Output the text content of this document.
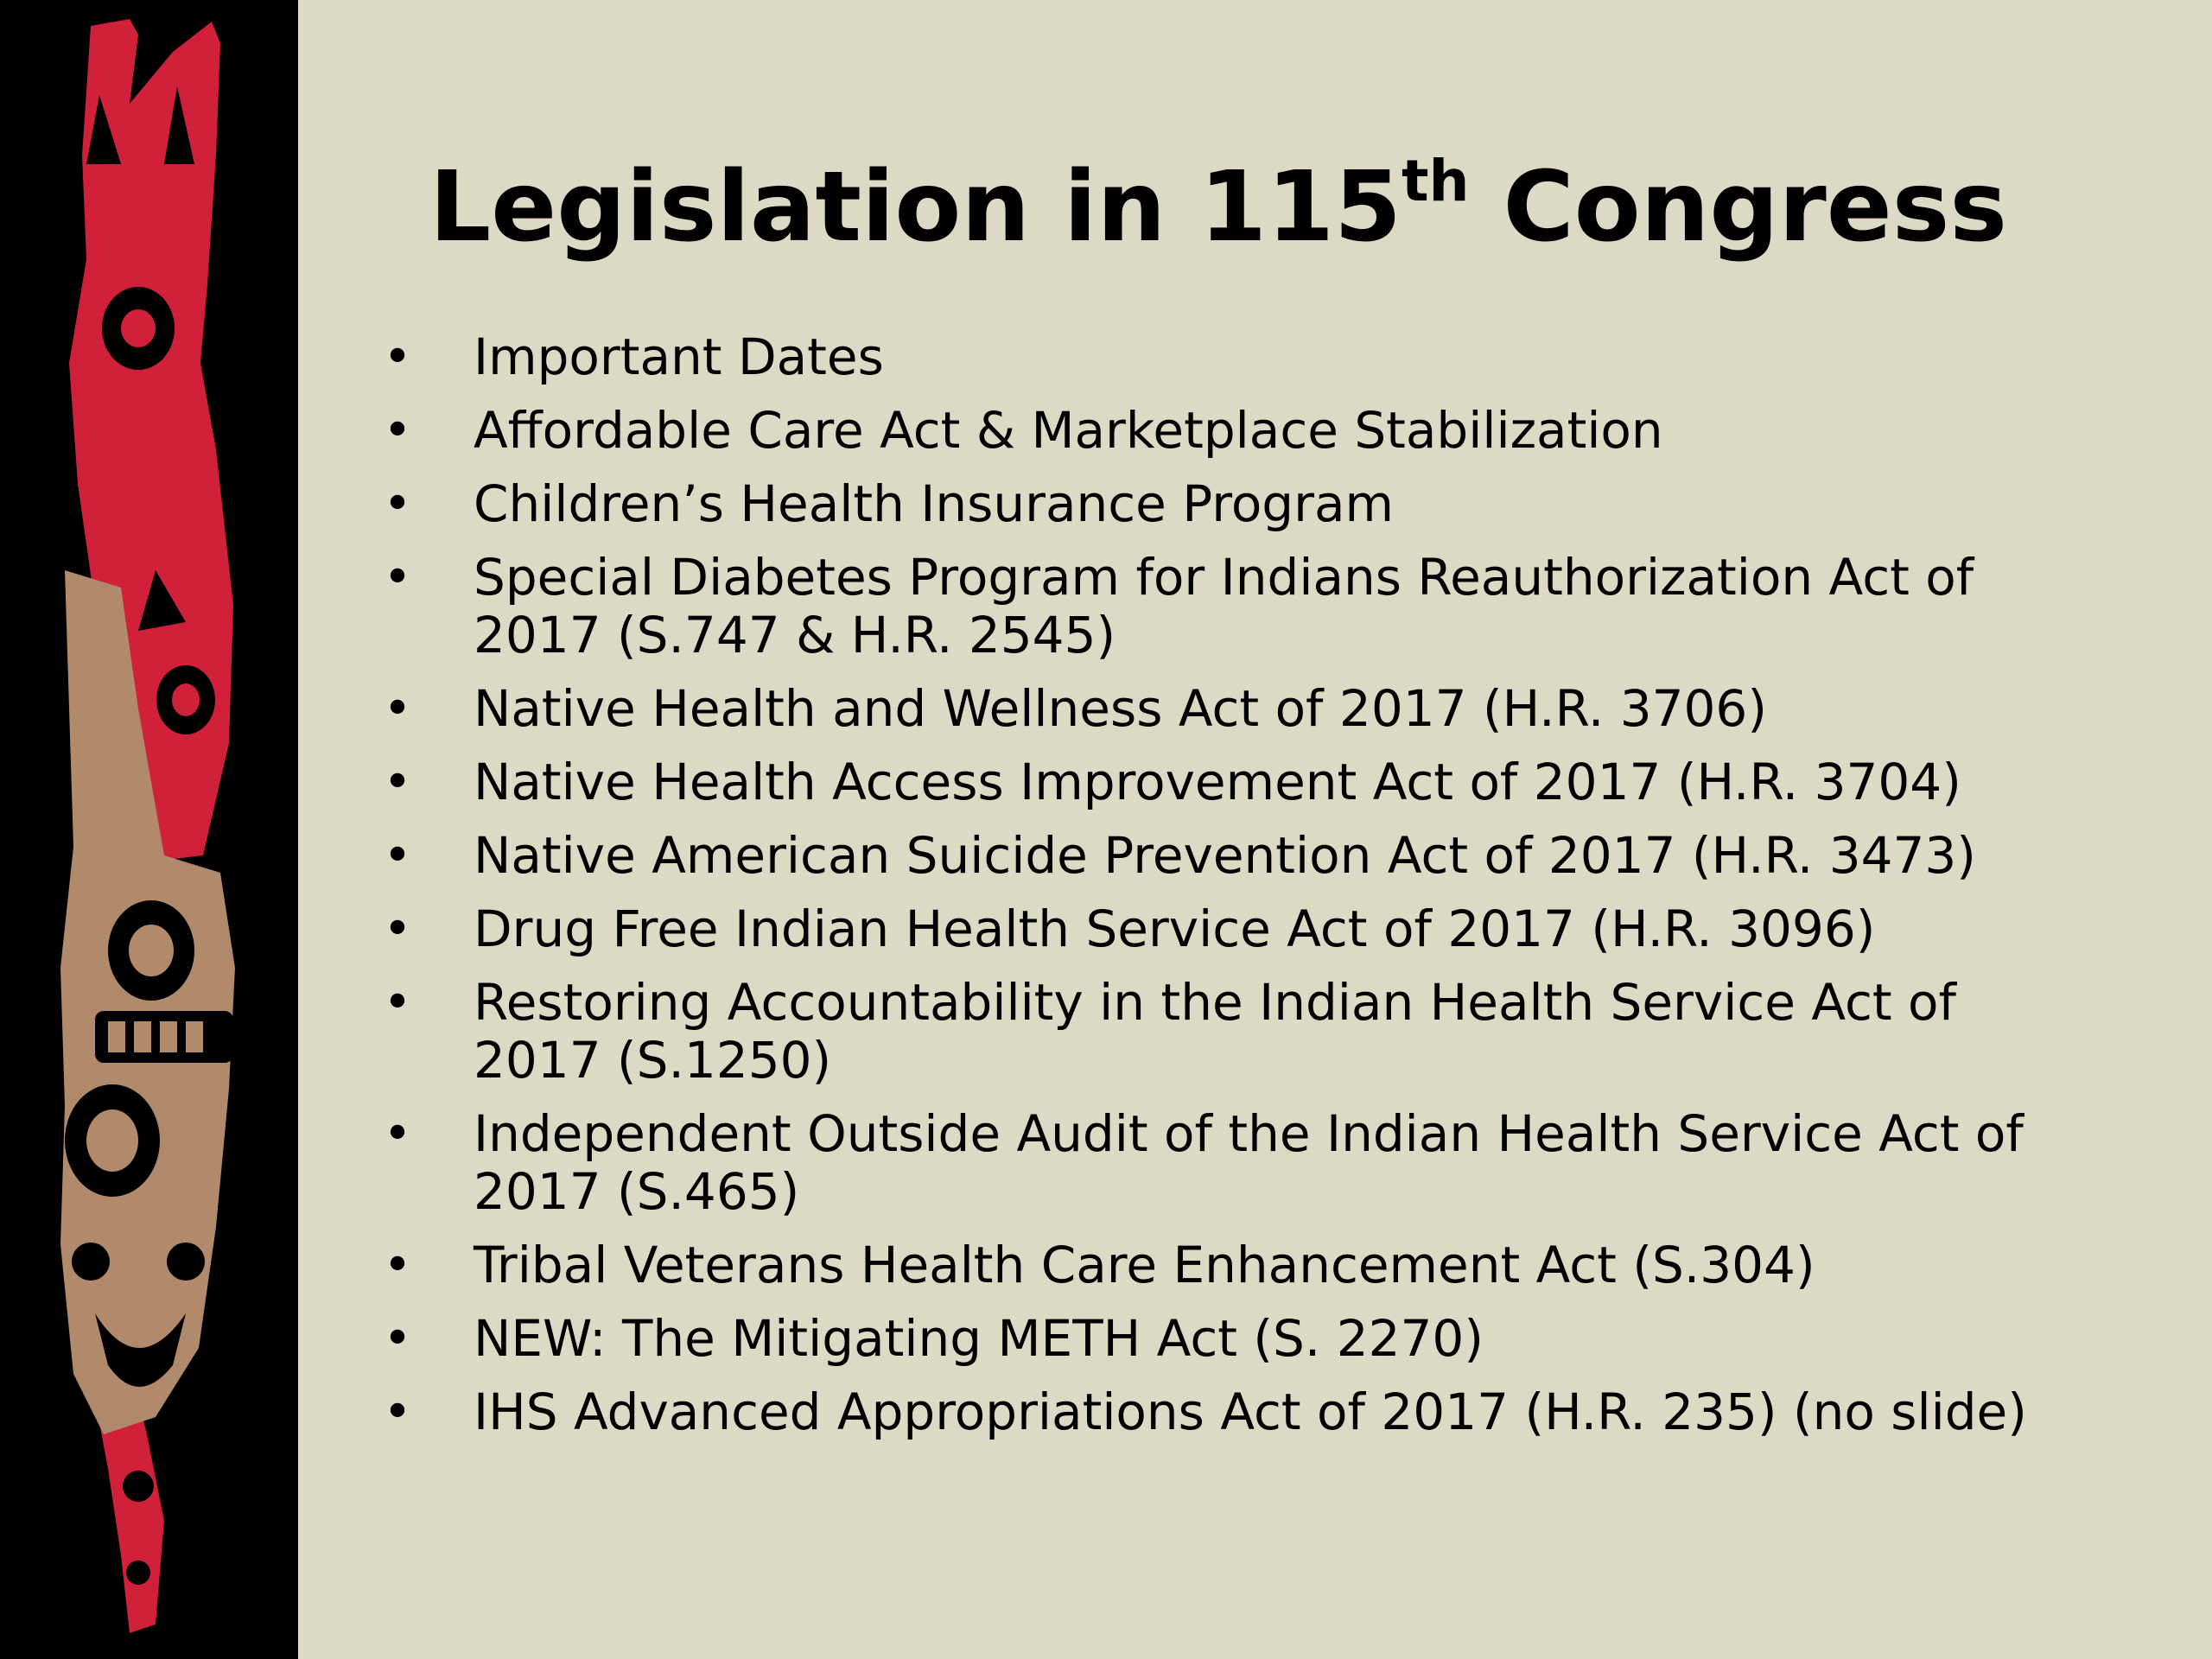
Legislation in 115th Congress
• Important Dates
• Affordable Care Act & Marketplace Stabilization
• Children’s Health Insurance Program
• Special Diabetes Program for Indians Reauthorization Act of 2017 (S.747 & H.R. 2545)
• Native Health and Wellness Act of 2017 (H.R. 3706)
• Native Health Access Improvement Act of 2017 (H.R. 3704)
• Native American Suicide Prevention Act of 2017 (H.R. 3473)
• Drug Free Indian Health Service Act of 2017 (H.R. 3096)
• Restoring Accountability in the Indian Health Service Act of 2017 (S.1250)
• Independent Outside Audit of the Indian Health Service Act of 2017 (S.465)
• Tribal Veterans Health Care Enhancement Act (S.304)
• NEW: The Mitigating METH Act (S. 2270)
• IHS Advanced Appropriations Act of 2017 (H.R. 235) (no slide)
